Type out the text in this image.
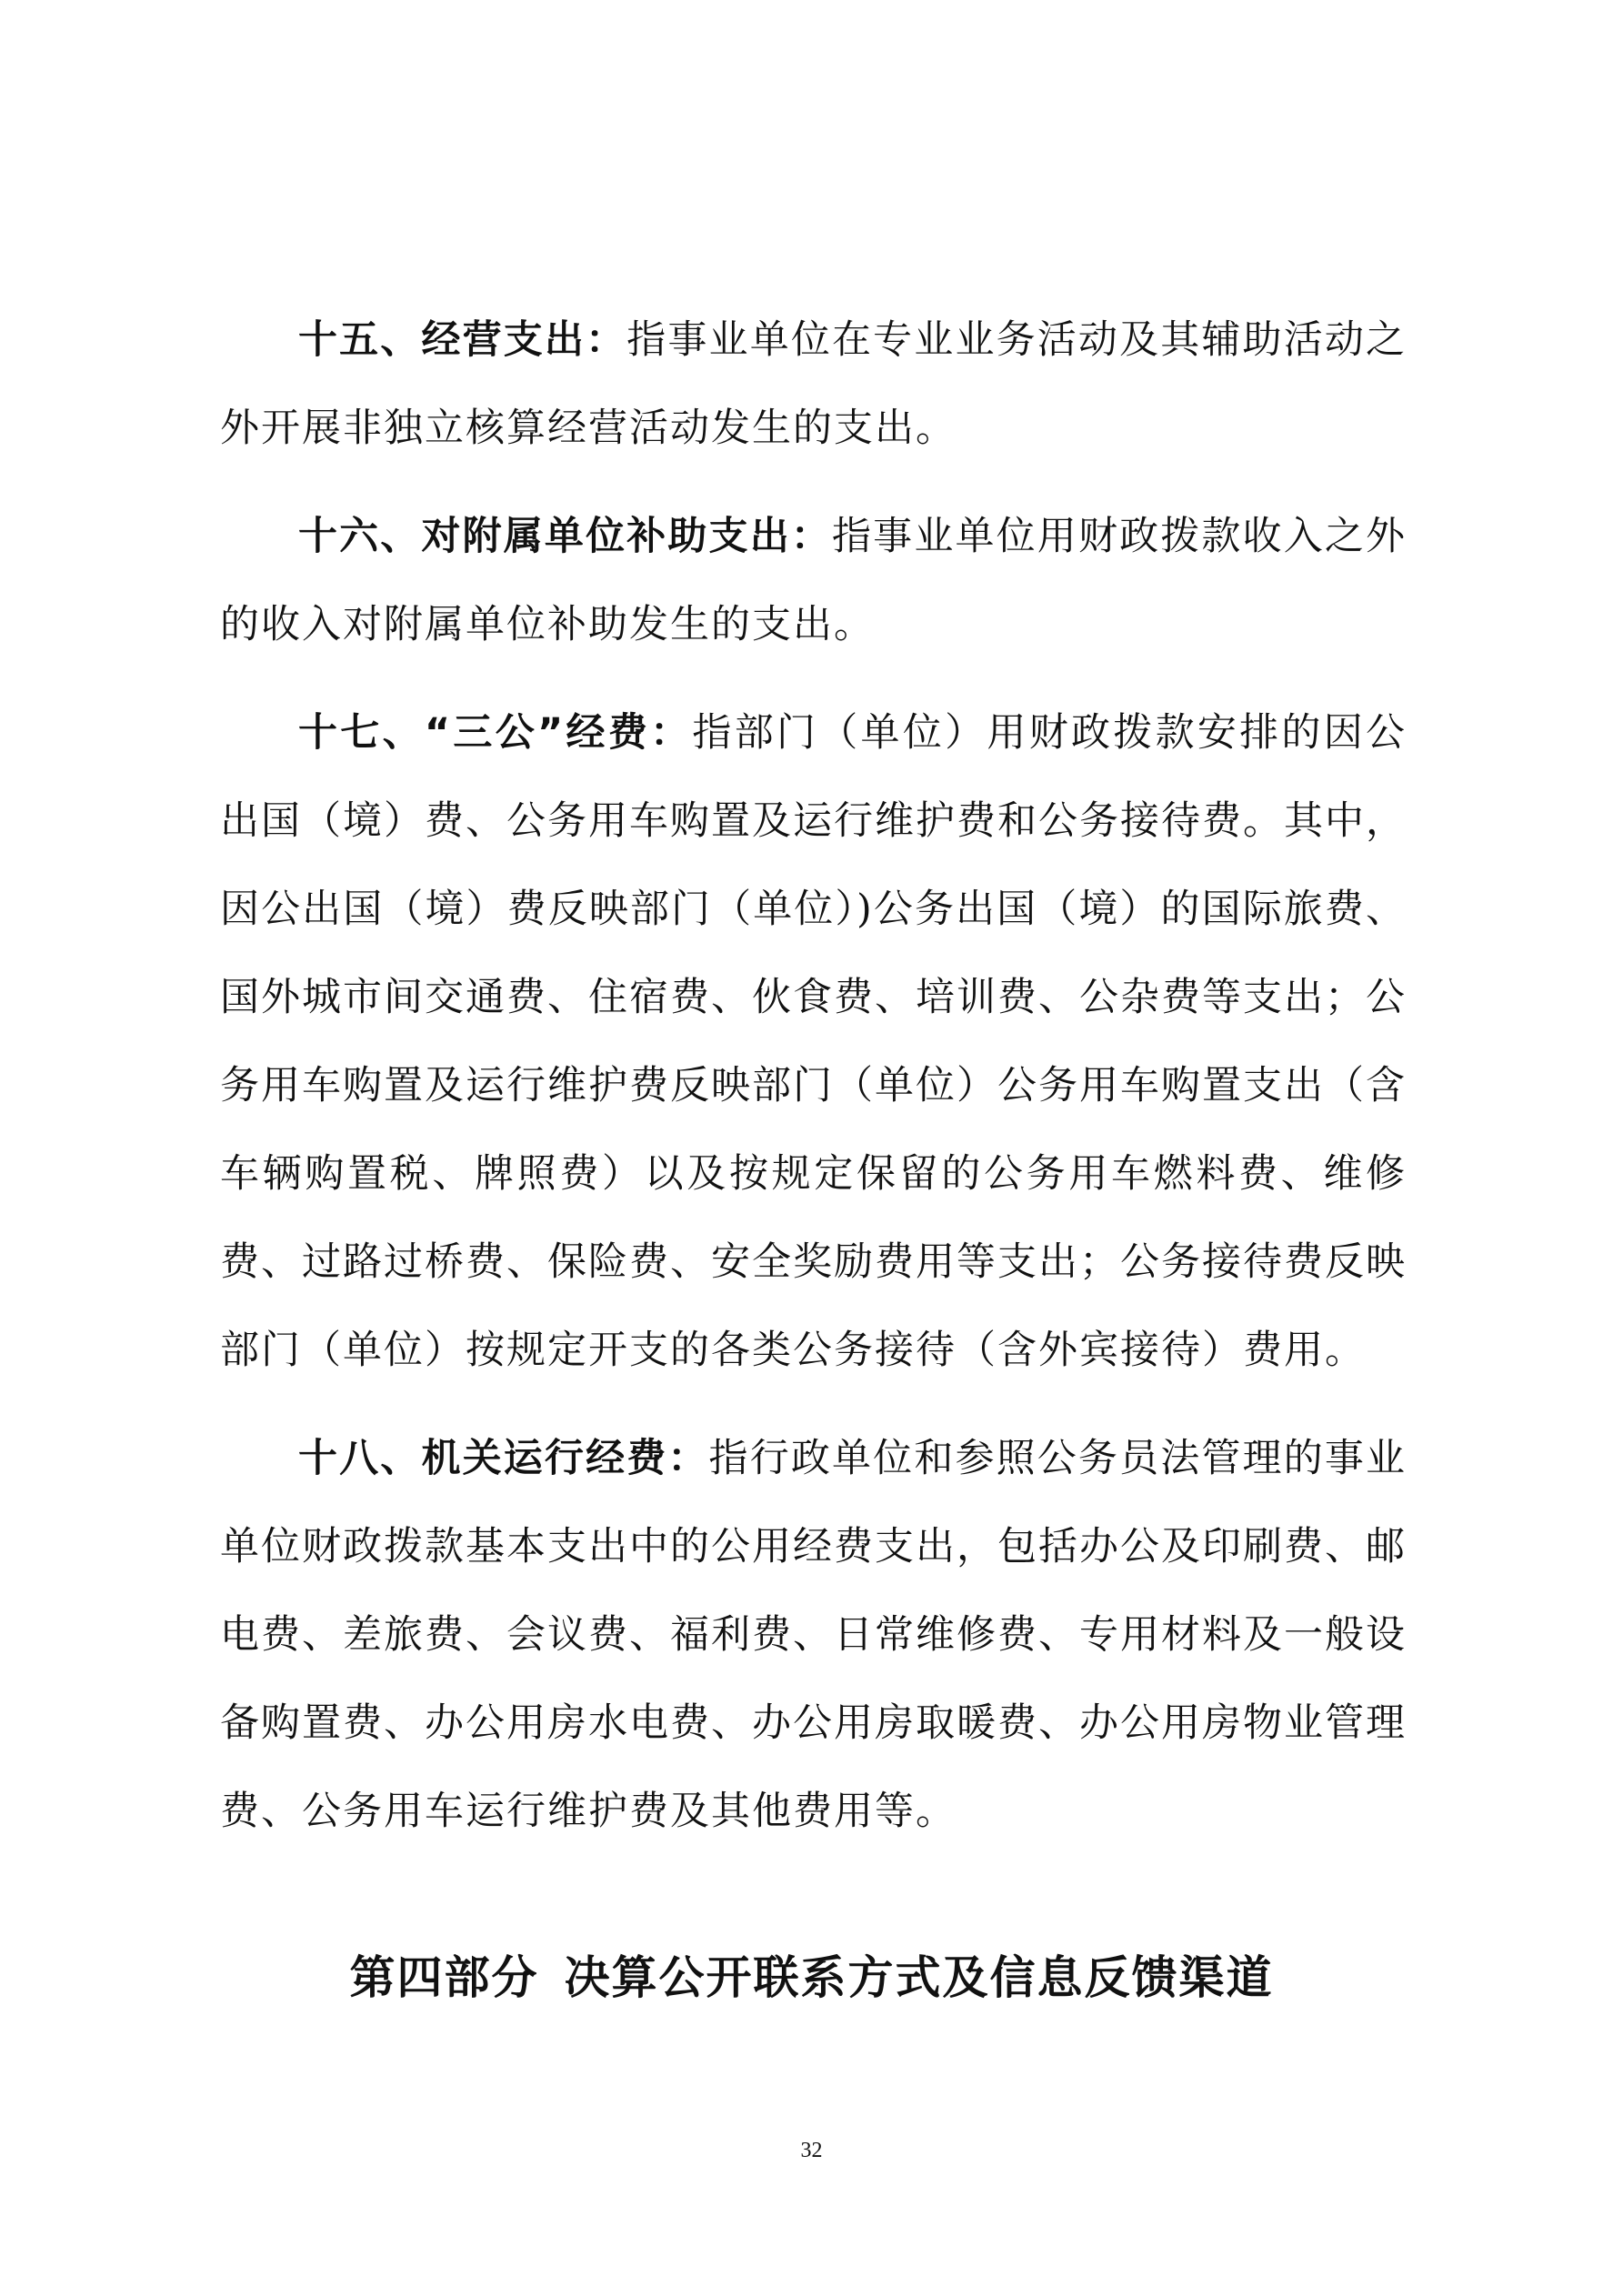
十五、经营支出：指事业单位在专业业务活动及其辅助活动之外开展非独立核算经营活动发生的支出。

十六、对附属单位补助支出：指事业单位用财政拨款收入之外的收入对附属单位补助发生的支出。

十七、“三公”经费：指部门（单位）用财政拨款安排的因公出国（境）费、公务用车购置及运行维护费和公务接待费。其中，因公出国（境）费反映部门（单位）)公务出国（境）的国际旅费、国外城市间交通费、住宿费、伙食费、培训费、公杂费等支出；公务用车购置及运行维护费反映部门（单位）公务用车购置支出（含车辆购置税、牌照费）以及按规定保留的公务用车燃料费、维修费、过路过桥费、保险费、安全奖励费用等支出；公务接待费反映部门（单位）按规定开支的各类公务接待（含外宾接待）费用。

十八、机关运行经费：指行政单位和参照公务员法管理的事业单位财政拨款基本支出中的公用经费支出，包括办公及印刷费、邮电费、差旅费、会议费、福利费、日常维修费、专用材料及一般设备购置费、办公用房水电费、办公用房取暖费、办公用房物业管理费、公务用车运行维护费及其他费用等。

第四部分 决算公开联系方式及信息反馈渠道
32
